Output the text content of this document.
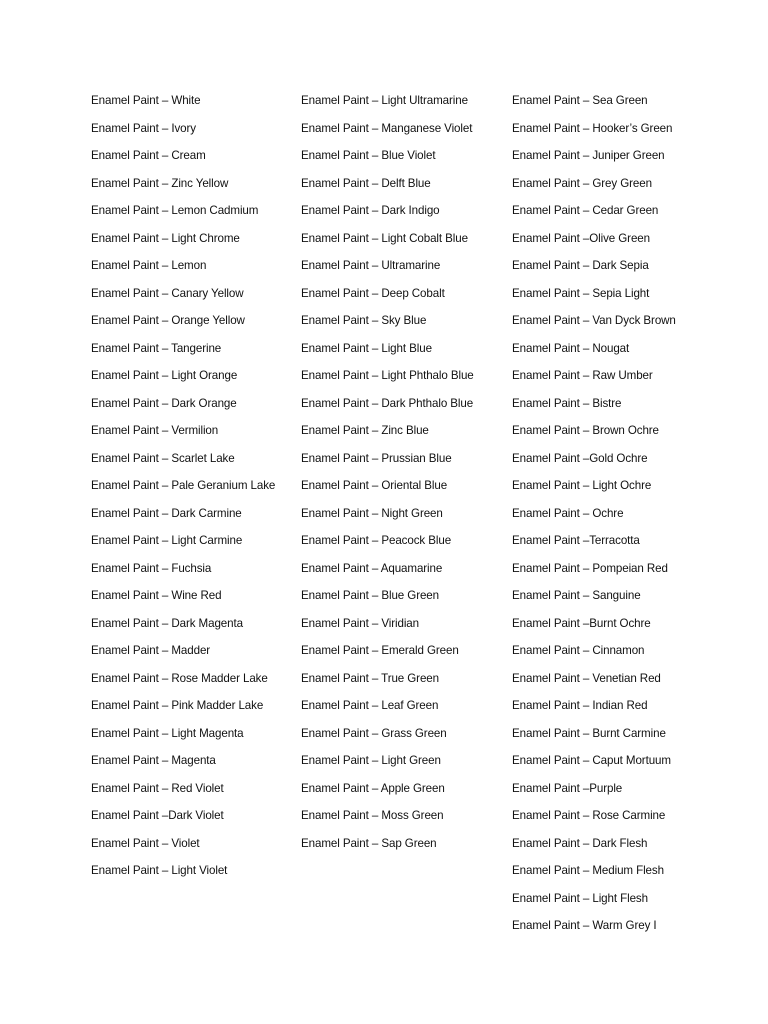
Enamel Paint – White
Enamel Paint – Ivory
Enamel Paint – Cream
Enamel Paint – Zinc Yellow
Enamel Paint – Lemon Cadmium
Enamel Paint – Light Chrome
Enamel Paint – Lemon
Enamel Paint – Canary Yellow
Enamel Paint – Orange Yellow
Enamel Paint – Tangerine
Enamel Paint – Light Orange
Enamel Paint – Dark Orange
Enamel Paint – Vermilion
Enamel Paint – Scarlet Lake
Enamel Paint – Pale Geranium Lake
Enamel Paint – Dark Carmine
Enamel Paint – Light Carmine
Enamel Paint – Fuchsia
Enamel Paint – Wine Red
Enamel Paint – Dark Magenta
Enamel Paint – Madder
Enamel Paint – Rose Madder Lake
Enamel Paint – Pink Madder Lake
Enamel Paint – Light Magenta
Enamel Paint – Magenta
Enamel Paint – Red Violet
Enamel Paint –Dark Violet
Enamel Paint – Violet
Enamel Paint – Light Violet
Enamel Paint – Light Ultramarine
Enamel Paint – Manganese Violet
Enamel Paint – Blue Violet
Enamel Paint – Delft Blue
Enamel Paint – Dark Indigo
Enamel Paint – Light Cobalt Blue
Enamel Paint – Ultramarine
Enamel Paint – Deep Cobalt
Enamel Paint – Sky Blue
Enamel Paint – Light Blue
Enamel Paint – Light Phthalo Blue
Enamel Paint – Dark Phthalo Blue
Enamel Paint – Zinc Blue
Enamel Paint – Prussian Blue
Enamel Paint – Oriental Blue
Enamel Paint – Night Green
Enamel Paint – Peacock Blue
Enamel Paint – Aquamarine
Enamel Paint – Blue Green
Enamel Paint – Viridian
Enamel Paint – Emerald Green
Enamel Paint – True Green
Enamel Paint – Leaf Green
Enamel Paint – Grass Green
Enamel Paint – Light Green
Enamel Paint – Apple Green
Enamel Paint – Moss Green
Enamel Paint – Sap Green
Enamel Paint – Sea Green
Enamel Paint – Hooker’s Green
Enamel Paint – Juniper Green
Enamel Paint – Grey Green
Enamel Paint – Cedar Green
Enamel Paint –Olive Green
Enamel Paint – Dark Sepia
Enamel Paint – Sepia Light
Enamel Paint – Van Dyck Brown
Enamel Paint – Nougat
Enamel Paint – Raw Umber
Enamel Paint – Bistre
Enamel Paint – Brown Ochre
Enamel Paint –Gold Ochre
Enamel Paint – Light Ochre
Enamel Paint – Ochre
Enamel Paint –Terracotta
Enamel Paint – Pompeian Red
Enamel Paint – Sanguine
Enamel Paint –Burnt Ochre
Enamel Paint – Cinnamon
Enamel Paint – Venetian Red
Enamel Paint – Indian Red
Enamel Paint – Burnt Carmine
Enamel Paint – Caput Mortuum
Enamel Paint –Purple
Enamel Paint – Rose Carmine
Enamel Paint – Dark Flesh
Enamel Paint – Medium Flesh
Enamel Paint – Light Flesh
Enamel Paint – Warm Grey I
